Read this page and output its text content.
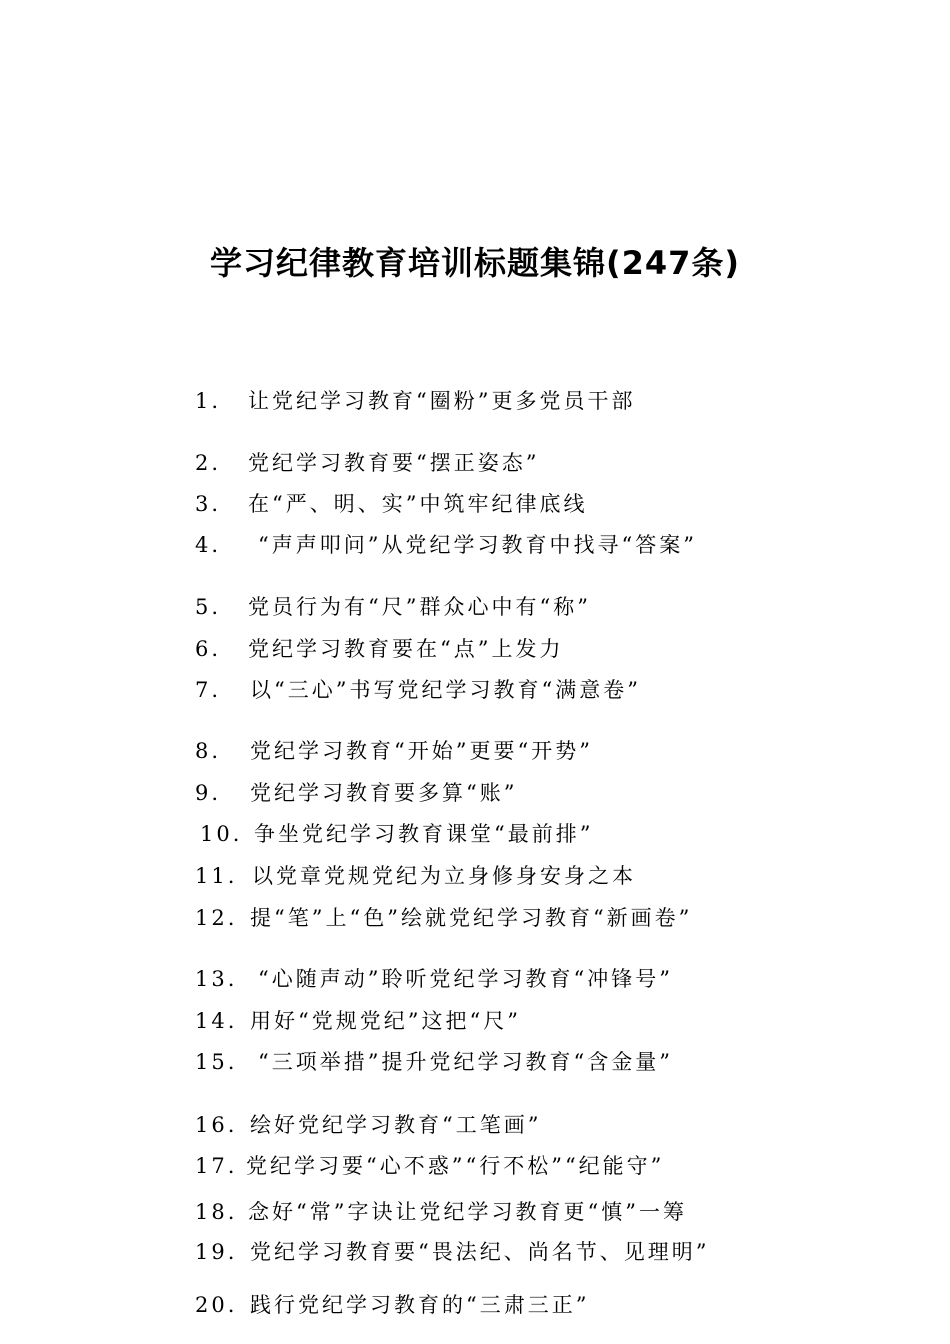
学习纪律教育培训标题集锦(247条)
1. 让党纪学习教育“圈粉”更多党员干部
2. 党纪学习教育要“摆正姿态”
3. 在“严、明、实”中筑牢纪律底线
4. “声声叩问”从党纪学习教育中找寻“答案”
5. 党员行为有“尺”群众心中有“称”
6. 党纪学习教育要在“点”上发力
7. 以“三心”书写党纪学习教育“满意卷”
8. 党纪学习教育“开始”更要“开势”
9. 党纪学习教育要多算“账”
10. 争坐党纪学习教育课堂“最前排”
11. 以党章党规党纪为立身修身安身之本
12. 提“笔”上“色”绘就党纪学习教育“新画卷”
13. “心随声动”聆听党纪学习教育“冲锋号”
14. 用好“党规党纪”这把“尺”
15. “三项举措”提升党纪学习教育“含金量”
16. 绘好党纪学习教育“工笔画”
17. 党纪学习要“心不惑”“行不松”“纪能守”
18. 念好“常”字诀让党纪学习教育更“慎”一筹
19. 党纪学习教育要“畏法纪、尚名节、见理明”
20. 践行党纪学习教育的“三肃三正”
